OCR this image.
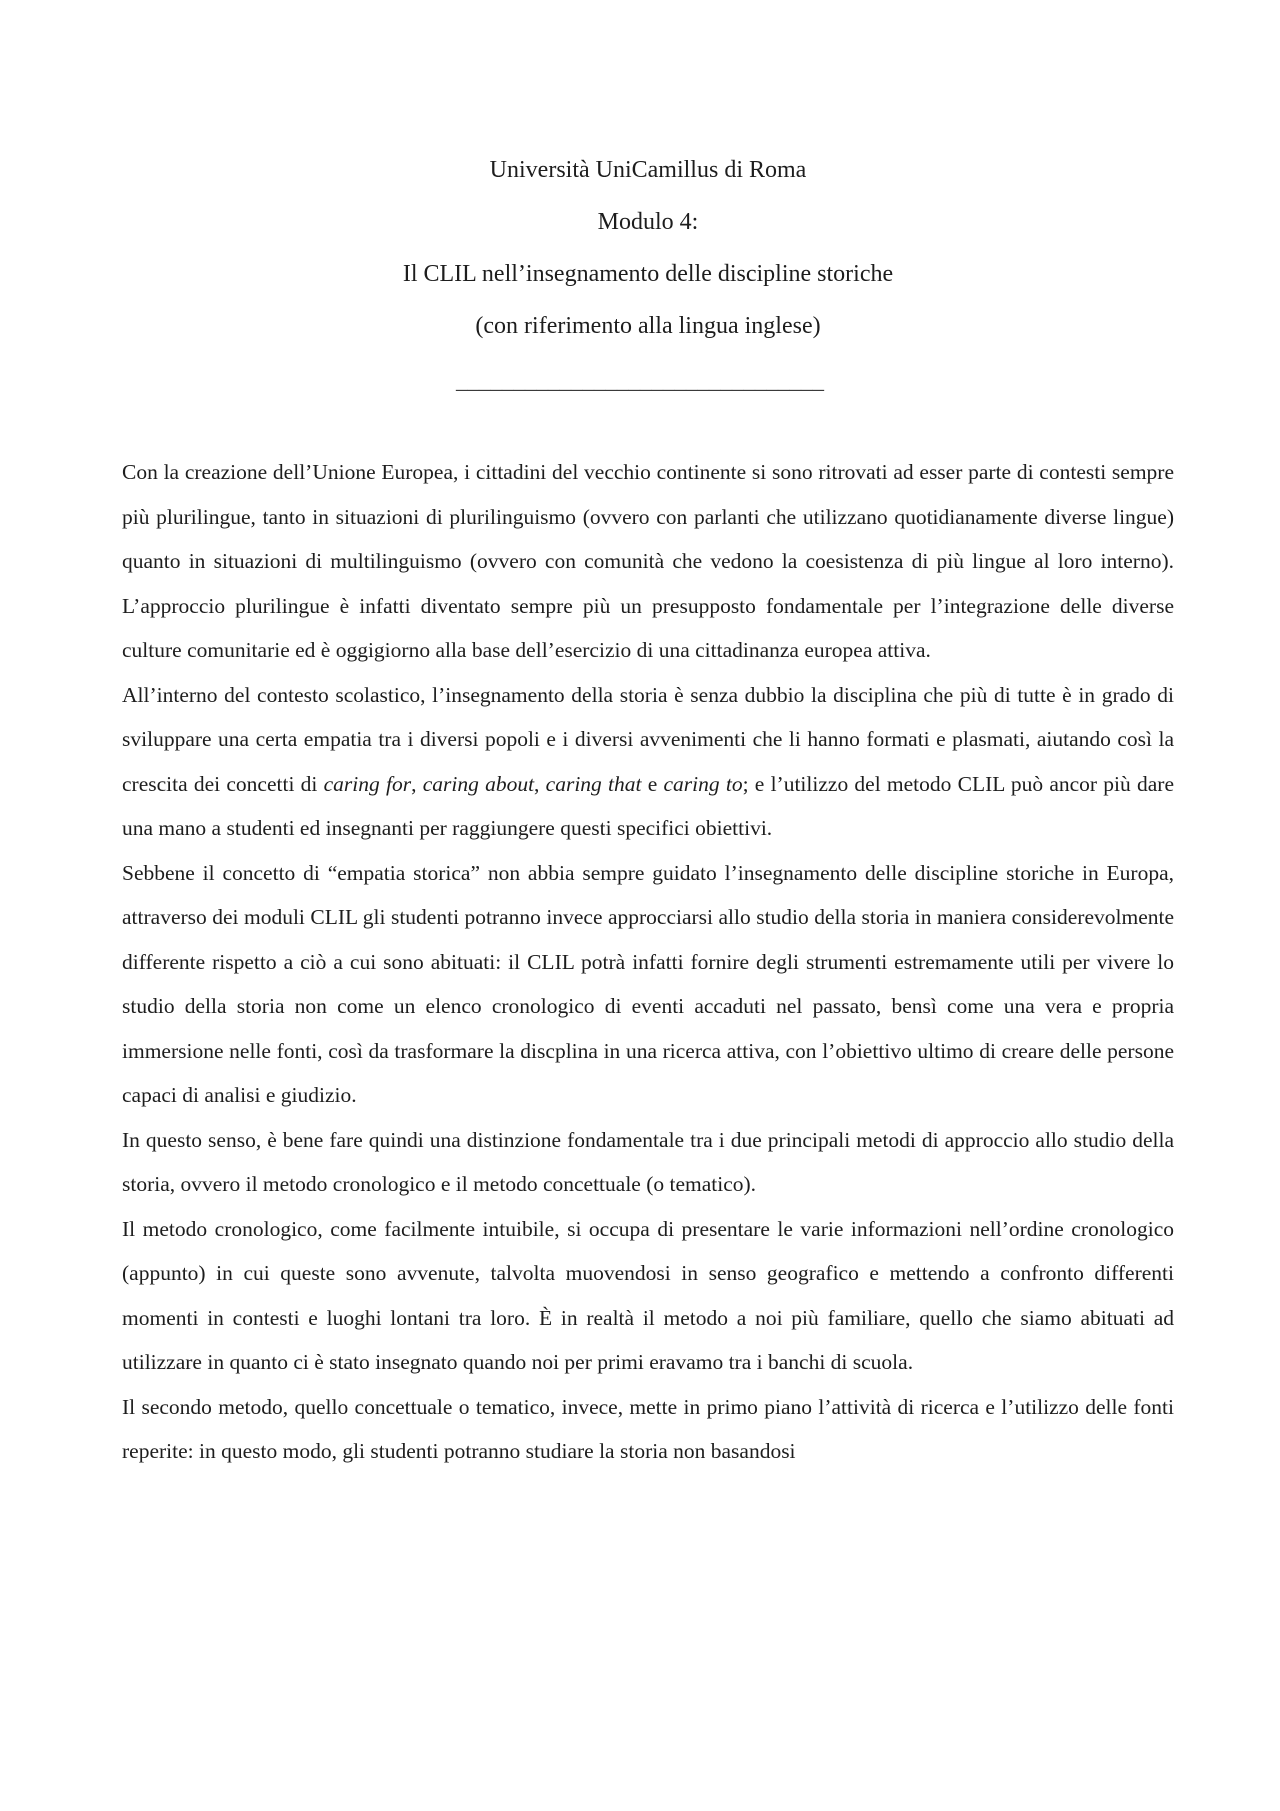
Università UniCamillus di Roma
Modulo 4:
Il CLIL nell’insegnamento delle discipline storiche
(con riferimento alla lingua inglese)
________________________________

Con la creazione dell’Unione Europea, i cittadini del vecchio continente si sono ritrovati ad esser parte di contesti sempre più plurilingue, tanto in situazioni di plurilinguismo (ovvero con parlanti che utilizzano quotidianamente diverse lingue) quanto in situazioni di multilinguismo (ovvero con comunità che vedono la coesistenza di più lingue al loro interno). L’approccio plurilingue è infatti diventato sempre più un presupposto fondamentale per l’integrazione delle diverse culture comunitarie ed è oggigiorno alla base dell’esercizio di una cittadinanza europea attiva.

All’interno del contesto scolastico, l’insegnamento della storia è senza dubbio la disciplina che più di tutte è in grado di sviluppare una certa empatia tra i diversi popoli e i diversi avvenimenti che li hanno formati e plasmati, aiutando così la crescita dei concetti di caring for, caring about, caring that e caring to; e l’utilizzo del metodo CLIL può ancor più dare una mano a studenti ed insegnanti per raggiungere questi specifici obiettivi.

Sebbene il concetto di “empatia storica” non abbia sempre guidato l’insegnamento delle discipline storiche in Europa, attraverso dei moduli CLIL gli studenti potranno invece approcciarsi allo studio della storia in maniera considerevolmente differente rispetto a ciò a cui sono abituati: il CLIL potrà infatti fornire degli strumenti estremamente utili per vivere lo studio della storia non come un elenco cronologico di eventi accaduti nel passato, bensì come una vera e propria immersione nelle fonti, così da trasformare la discplina in una ricerca attiva, con l’obiettivo ultimo di creare delle persone capaci di analisi e giudizio.

In questo senso, è bene fare quindi una distinzione fondamentale tra i due principali metodi di approccio allo studio della storia, ovvero il metodo cronologico e il metodo concettuale (o tematico).

Il metodo cronologico, come facilmente intuibile, si occupa di presentare le varie informazioni nell’ordine cronologico (appunto) in cui queste sono avvenute, talvolta muovendosi in senso geografico e mettendo a confronto differenti momenti in contesti e luoghi lontani tra loro. È in realtà il metodo a noi più familiare, quello che siamo abituati ad utilizzare in quanto ci è stato insegnato quando noi per primi eravamo tra i banchi di scuola.

Il secondo metodo, quello concettuale o tematico, invece, mette in primo piano l’attività di ricerca e l’utilizzo delle fonti reperite: in questo modo, gli studenti potranno studiare la storia non basandosi
